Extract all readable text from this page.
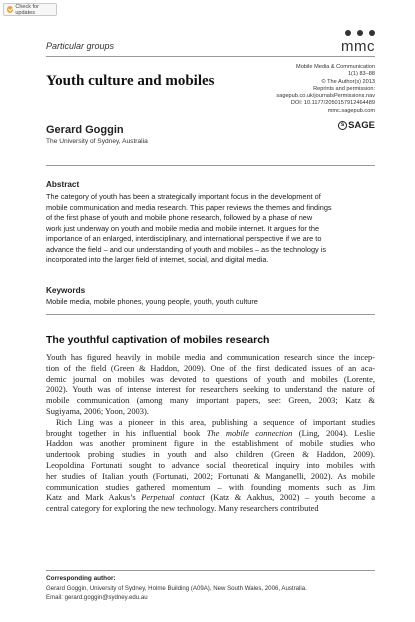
Check for updates
Particular groups	mmc
Mobile Media & Communication
1(1) 83–88
© The Author(s) 2013
Reprints and permission:
sagepub.co.uk/journalsPermissions.nav
DOI: 10.1177/2050157912464489
mmc.sagepub.com
s SAGE
Youth culture and mobiles
Gerard Goggin
The University of Sydney, Australia
Abstract
The category of youth has been a strategically important focus in the development of
mobile communication and media research. This paper reviews the themes and findings
of the first phase of youth and mobile phone research, followed by a phase of new
work just underway on youth and mobile media and mobile internet. It argues for the
importance of an enlarged, interdisciplinary, and international perspective if we are to
advance the field – and our understanding of youth and mobiles – as the technology is
incorporated into the larger field of internet, social, and digital media.
Keywords
Mobile media, mobile phones, young people, youth, youth culture
The youthful captivation of mobiles research
Youth has figured heavily in mobile media and communication research since the incep-
tion of the field (Green & Haddon, 2009). One of the first dedicated issues of an aca-
demic journal on mobiles was devoted to questions of youth and mobiles (Lorente,
2002). Youth was of intense interest for researchers seeking to understand the nature of
mobile communication (among many important papers, see: Green, 2003; Katz &
Sugiyama, 2006; Yoon, 2003).
Rich Ling was a pioneer in this area, publishing a sequence of important studies
brought together in his influential book The mobile connection (Ling, 2004). Leslie
Haddon was another prominent figure in the establishment of mobile studies who
undertook probing studies in youth and also children (Green & Haddon, 2009).
Leopoldina Fortunati sought to advance social theoretical inquiry into mobiles with
her studies of Italian youth (Fortunati, 2002; Fortunati & Manganelli, 2002). As mobile
communication studies gathered momentum – with founding moments such as Jim
Katz and Mark Aakus’s Perpetual contact (Katz & Aakhus, 2002) – youth become a
central category for exploring the new technology. Many researchers contributed
Corresponding author:
Gerard Goggin, University of Sydney, Holme Building (A09A), New South Wales, 2006, Australia.
Email: gerard.goggin@sydney.edu.au
